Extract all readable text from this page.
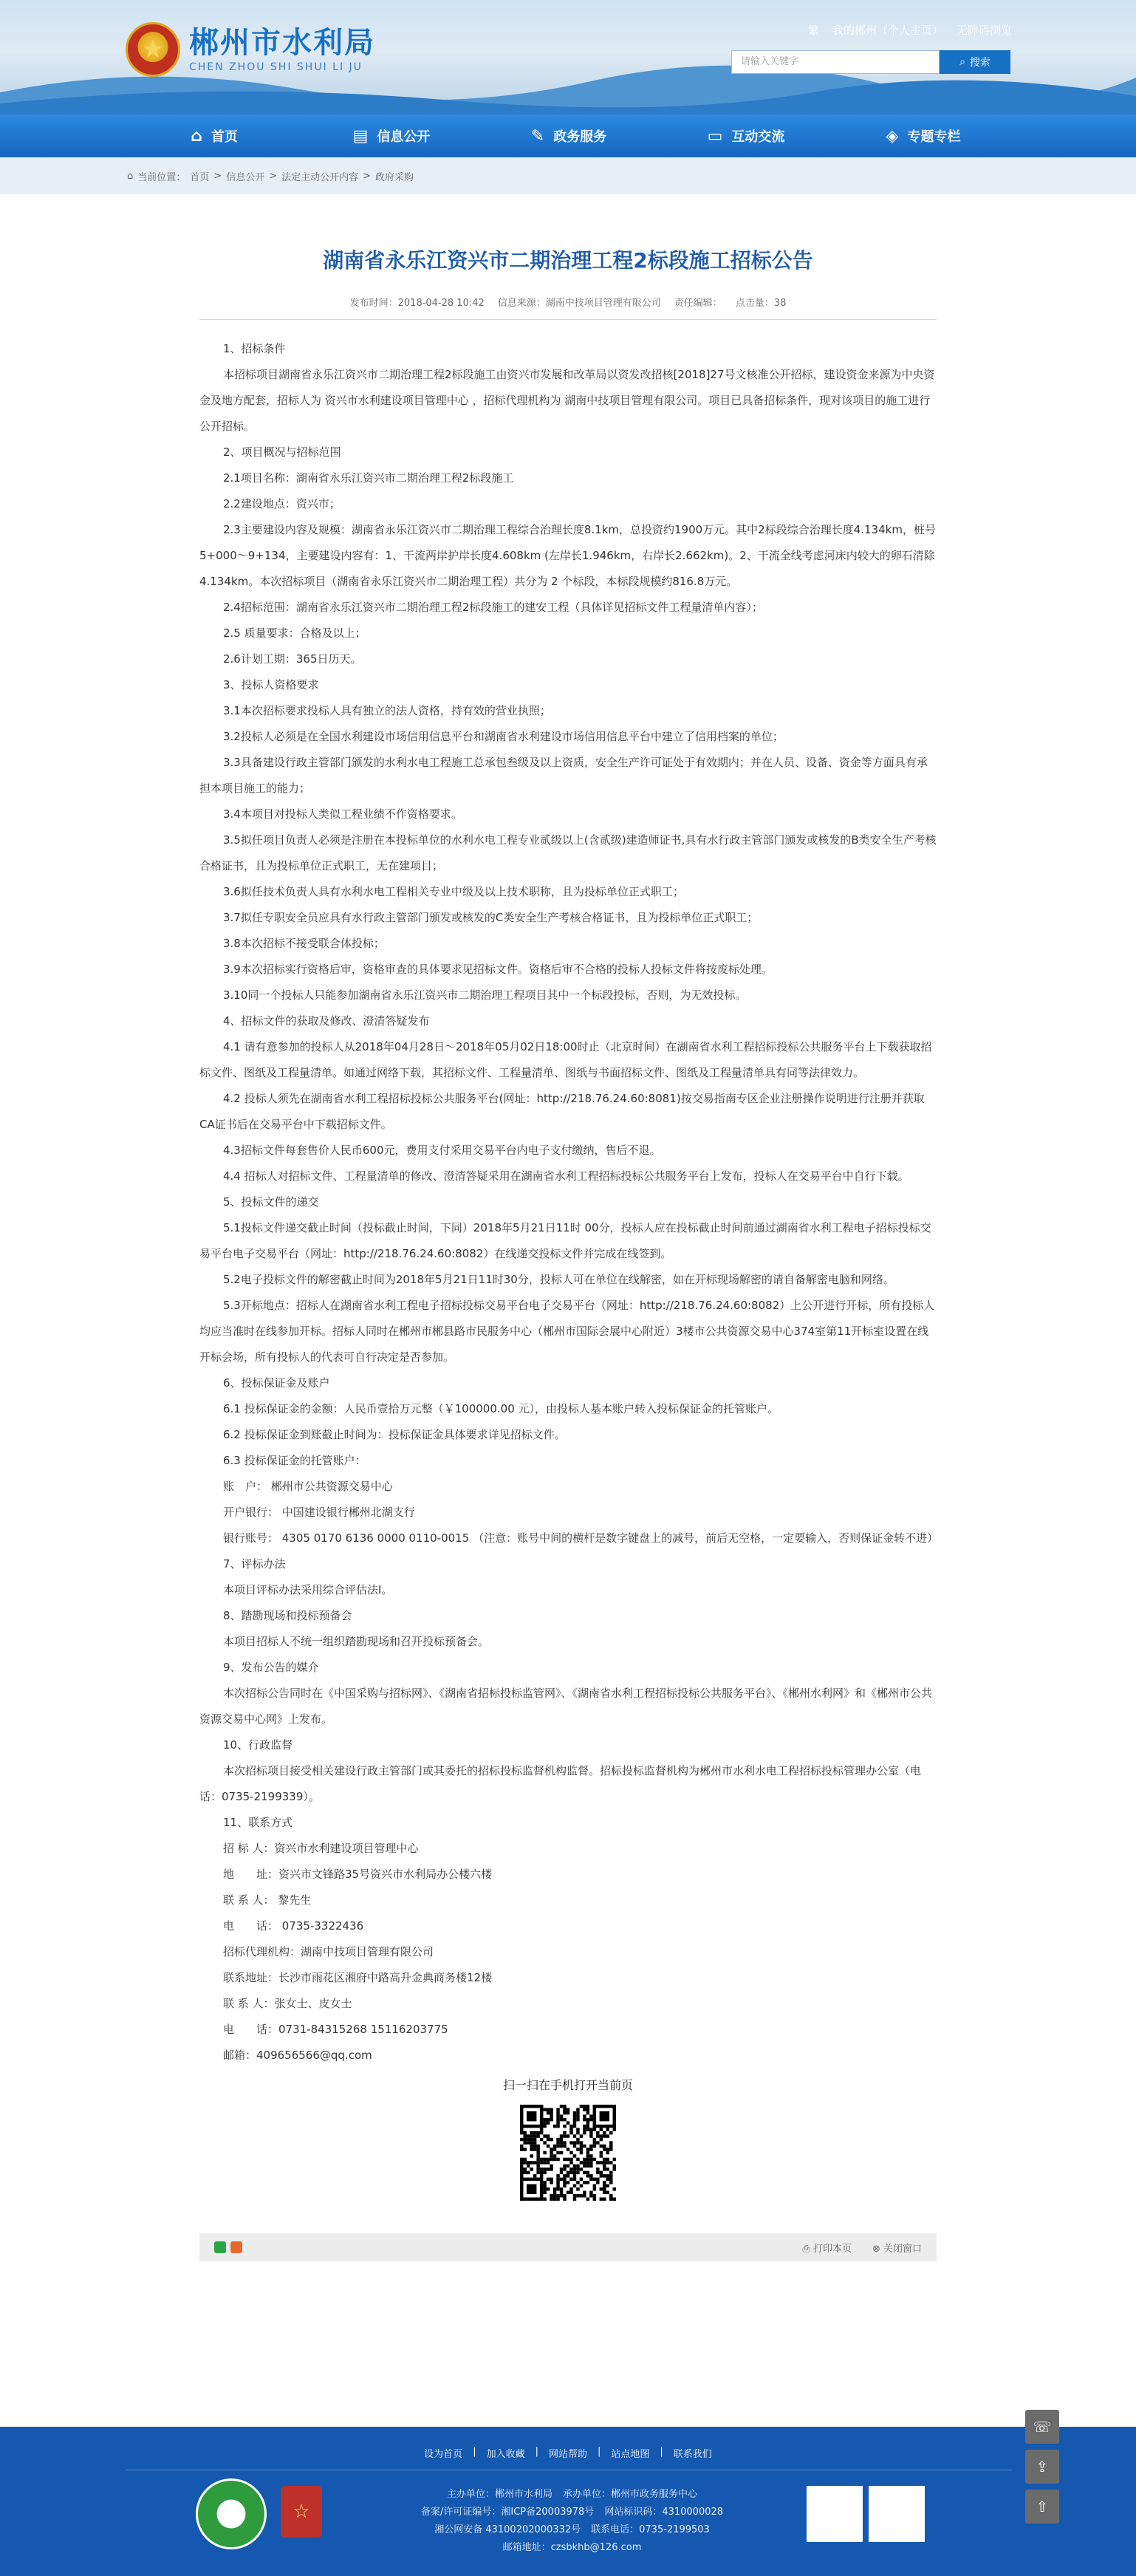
★ 郴州市水利局
CHEN ZHOU SHI SHUI LI JU
繁 我的郴州（个人主页） 无障碍浏览
请输入关键字	⌕ 搜索
⌂ 首页	▤ 信息公开	✎ 政务服务	▭ 互动交流	◈ 专题专栏
⌂ 当前位置： 首页 > 信息公开 > 法定主动公开内容 > 政府采购
湖南省永乐江资兴市二期治理工程2标段施工招标公告
发布时间：2018-04-28 10:42 信息来源：湖南中技项目管理有限公司 责任编辑： 点击量：38

1、招标条件

本招标项目湖南省永乐江资兴市二期治理工程2标段施工由资兴市发展和改革局以资发改招核[2018]27号文核准公开招标，建设资金来源为中央资金及地方配套，招标人为 资兴市水利建设项目管理中心 ，招标代理机构为 湖南中技项目管理有限公司。项目已具备招标条件，现对该项目的施工进行公开招标。

2、项目概况与招标范围

2.1项目名称：湖南省永乐江资兴市二期治理工程2标段施工

2.2建设地点：资兴市；

2.3主要建设内容及规模：湖南省永乐江资兴市二期治理工程综合治理长度8.1km，总投资约1900万元。其中2标段综合治理长度4.134km，桩号5+000～9+134，主要建设内容有：1、干流两岸护岸长度4.608km (左岸长1.946km，右岸长2.662km)。2、干流全线考虑河床内较大的卵石清除4.134km。本次招标项目（湖南省永乐江资兴市二期治理工程）共分为 2 个标段，本标段规模约816.8万元。

2.4招标范围：湖南省永乐江资兴市二期治理工程2标段施工的建安工程（具体详见招标文件工程量清单内容）；

2.5 质量要求：合格及以上；

2.6计划工期：365日历天。

3、投标人资格要求

3.1本次招标要求投标人具有独立的法人资格，持有效的营业执照；

3.2投标人必须是在全国水利建设市场信用信息平台和湖南省水利建设市场信用信息平台中建立了信用档案的单位；

3.3具备建设行政主管部门颁发的水利水电工程施工总承包叁级及以上资质，安全生产许可证处于有效期内；并在人员、设备、资金等方面具有承担本项目施工的能力；

3.4本项目对投标人类似工程业绩不作资格要求。

3.5拟任项目负责人必须是注册在本投标单位的水利水电工程专业贰级以上(含贰级)建造师证书,具有水行政主管部门颁发或核发的B类安全生产考核合格证书，且为投标单位正式职工，无在建项目；

3.6拟任技术负责人具有水利水电工程相关专业中级及以上技术职称，且为投标单位正式职工；

3.7拟任专职安全员应具有水行政主管部门颁发或核发的C类安全生产考核合格证书，且为投标单位正式职工；

3.8本次招标不接受联合体投标；

3.9本次招标实行资格后审，资格审查的具体要求见招标文件。资格后审不合格的投标人投标文件将按废标处理。

3.10同一个投标人只能参加湖南省永乐江资兴市二期治理工程项目其中一个标段投标，否则，为无效投标。

4、招标文件的获取及修改、澄清答疑发布

4.1 请有意参加的投标人从2018年04月28日～2018年05月02日18:00时止（北京时间）在湖南省水利工程招标投标公共服务平台上下载获取招标文件、图纸及工程量清单。如通过网络下载，其招标文件、工程量清单、图纸与书面招标文件、图纸及工程量清单具有同等法律效力。

4.2 投标人须先在湖南省水利工程招标投标公共服务平台(网址：http://218.76.24.60:8081)按交易指南专区企业注册操作说明进行注册并获取CA证书后在交易平台中下载招标文件。

4.3招标文件每套售价人民币600元，费用支付采用交易平台内电子支付缴纳，售后不退。

4.4 招标人对招标文件、工程量清单的修改、澄清答疑采用在湖南省水利工程招标投标公共服务平台上发布，投标人在交易平台中自行下载。

5、投标文件的递交

5.1投标文件递交截止时间（投标截止时间，下同）2018年5月21日11时 00分，投标人应在投标截止时间前通过湖南省水利工程电子招标投标交易平台电子交易平台（网址：http://218.76.24.60:8082）在线递交投标文件并完成在线签到。

5.2电子投标文件的解密截止时间为2018年5月21日11时30分，投标人可在单位在线解密，如在开标现场解密的请自备解密电脑和网络。

5.3开标地点：招标人在湖南省水利工程电子招标投标交易平台电子交易平台（网址：http://218.76.24.60:8082）上公开进行开标，所有投标人均应当准时在线参加开标。招标人同时在郴州市郴县路市民服务中心（郴州市国际会展中心附近）3楼市公共资源交易中心374室第11开标室设置在线开标会场，所有投标人的代表可自行决定是否参加。

6、投标保证金及账户

6.1 投标保证金的金额：人民币壹拾万元整（￥100000.00 元），由投标人基本账户转入投标保证金的托管账户。

6.2 投标保证金到账截止时间为：投标保证金具体要求详见招标文件。

6.3 投标保证金的托管账户：

账　户： 郴州市公共资源交易中心

开户银行： 中国建设银行郴州北湖支行

银行账号： 4305 0170 6136 0000 0110-0015 （注意：账号中间的横杆是数字键盘上的减号，前后无空格，一定要输入，否则保证金转不进）

7、评标办法

本项目评标办法采用综合评估法Ⅰ。

8、踏勘现场和投标预备会

本项目招标人不统一组织踏勘现场和召开投标预备会。

9、发布公告的媒介

本次招标公告同时在《中国采购与招标网》、《湖南省招标投标监管网》、《湖南省水利工程招标投标公共服务平台》、《郴州水利网》和《郴州市公共资源交易中心网》上发布。

10、行政监督

本次招标项目接受相关建设行政主管部门或其委托的招标投标监督机构监督。招标投标监督机构为郴州市水利水电工程招标投标管理办公室（电话：0735-2199339）。

11、联系方式

招 标 人：资兴市水利建设项目管理中心

地　　址：资兴市文锋路35号资兴市水利局办公楼六楼

联 系 人： 黎先生

电　　话： 0735-3322436

招标代理机构：湖南中技项目管理有限公司

联系地址：长沙市雨花区湘府中路高升金典商务楼12楼

联 系 人：张女士、皮女士

电　　话：0731-84315268 15116203775

邮箱：409656566@qq.com

扫一扫在手机打开当前页
⎙ 打印本页 ⊗ 关闭窗口
设为首页 | 加入收藏 | 网站帮助 | 站点地图 | 联系我们
☆
主办单位：郴州市水利局 承办单位：郴州市政务服务中心
备案/许可证编号：湘ICP备20003978号 网站标识码：4310000028
湘公网安备 43100202000332号 联系电话：0735-2199503
邮箱地址：czsbkhb@126.com
☏
⇪
⇧
